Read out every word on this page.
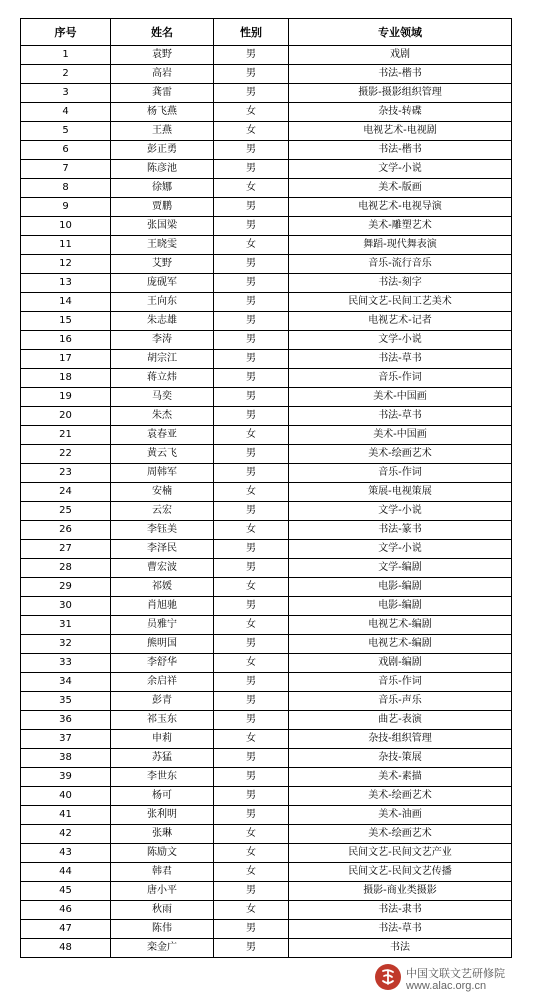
序号	姓名	性别	专业领域
1	袁野	男	戏剧
2	高岩	男	书法-楷书
3	龚雷	男	摄影-摄影组织管理
4	杨飞燕	女	杂技-转碟
5	王燕	女	电视艺术-电视剧
6	彭正勇	男	书法-楷书
7	陈彦池	男	文学-小说
8	徐娜	女	美术-版画
9	贾鹏	男	电视艺术-电视导演
10	张国梁	男	美术-雕塑艺术
11	王晓雯	女	舞蹈-现代舞表演
12	艾野	男	音乐-流行音乐
13	庞砚军	男	书法-刻字
14	王向东	男	民间文艺-民间工艺美术
15	朱志雄	男	电视艺术-记者
16	李涛	男	文学-小说
17	胡宗江	男	书法-草书
18	蒋立炜	男	音乐-作词
19	马奕	男	美术-中国画
20	朱杰	男	书法-草书
21	袁春亚	女	美术-中国画
22	黄云飞	男	美术-绘画艺术
23	周韩军	男	音乐-作词
24	安楠	女	策展-电视策展
25	云宏	男	文学-小说
26	李钰美	女	书法-篆书
27	李泽民	男	文学-小说
28	曹宏波	男	文学-编剧
29	祁媛	女	电影-编剧
30	肖旭驰	男	电影-编剧
31	员雅宁	女	电视艺术-编剧
32	熊明国	男	电视艺术-编剧
33	李舒华	女	戏剧-编剧
34	余启祥	男	音乐-作词
35	彭青	男	音乐-声乐
36	祁玉东	男	曲艺-表演
37	申莉	女	杂技-组织管理
38	苏猛	男	杂技-策展
39	李世东	男	美术-素描
40	杨可	男	美术-绘画艺术
41	张利明	男	美术-油画
42	张琳	女	美术-绘画艺术
43	陈励文	女	民间文艺-民间文艺产业
44	韩君	女	民间文艺-民间文艺传播
45	唐小平	男	摄影-商业类摄影
46	秋雨	女	书法-隶书
47	陈伟	男	书法-草书
48	栾金广	男	书法
中国文联文艺研修院
www.alac.org.cn
